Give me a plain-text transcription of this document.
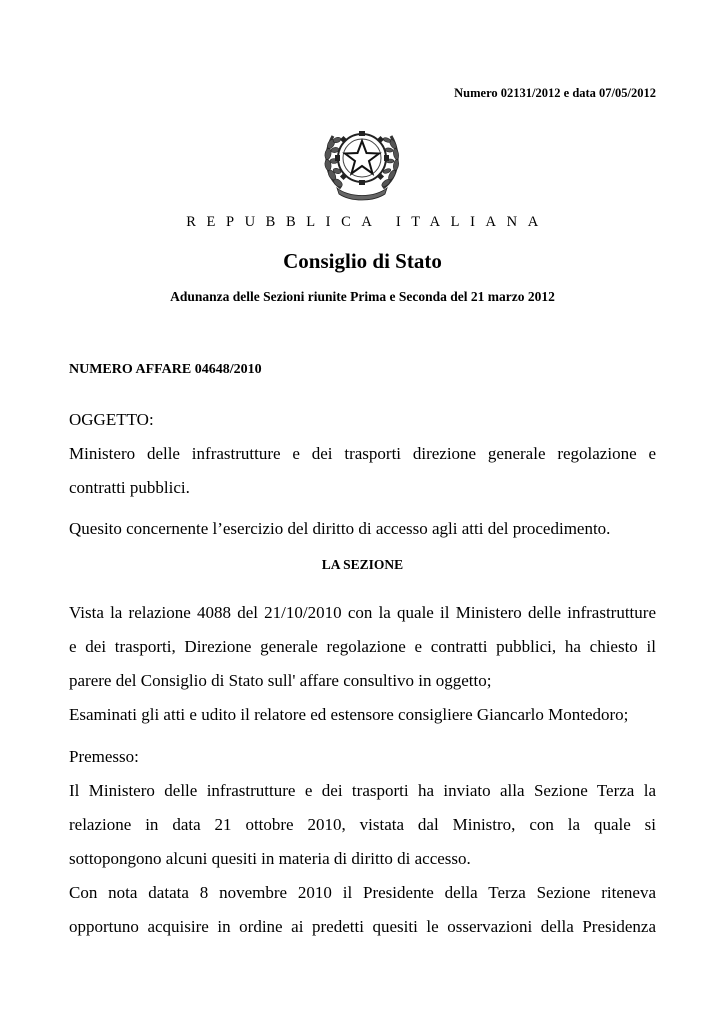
Numero 02131/2012 e data 07/05/2012
REPUBBLICA ITALIANA
Consiglio di Stato
Adunanza delle Sezioni riunite Prima e Seconda del 21 marzo 2012
NUMERO AFFARE 04648/2010
OGGETTO:
Ministero delle infrastrutture e dei trasporti direzione generale regolazione e
contratti pubblici.
Quesito concernente l’esercizio del diritto di accesso agli atti del procedimento.
LA SEZIONE
Vista la relazione 4088 del 21/10/2010 con la quale il Ministero delle infrastrutture
e dei trasporti, Direzione generale regolazione e contratti pubblici, ha chiesto il
parere del Consiglio di Stato sull' affare consultivo in oggetto;
Esaminati gli atti e udito il relatore ed estensore consigliere Giancarlo Montedoro;
Premesso:
Il Ministero delle infrastrutture e dei trasporti ha inviato alla Sezione Terza la
relazione in data 21 ottobre 2010, vistata dal Ministro, con la quale si
sottopongono alcuni quesiti in materia di diritto di accesso.
Con nota datata 8 novembre 2010 il Presidente della Terza Sezione riteneva
opportuno acquisire in ordine ai predetti quesiti le osservazioni della Presidenza
